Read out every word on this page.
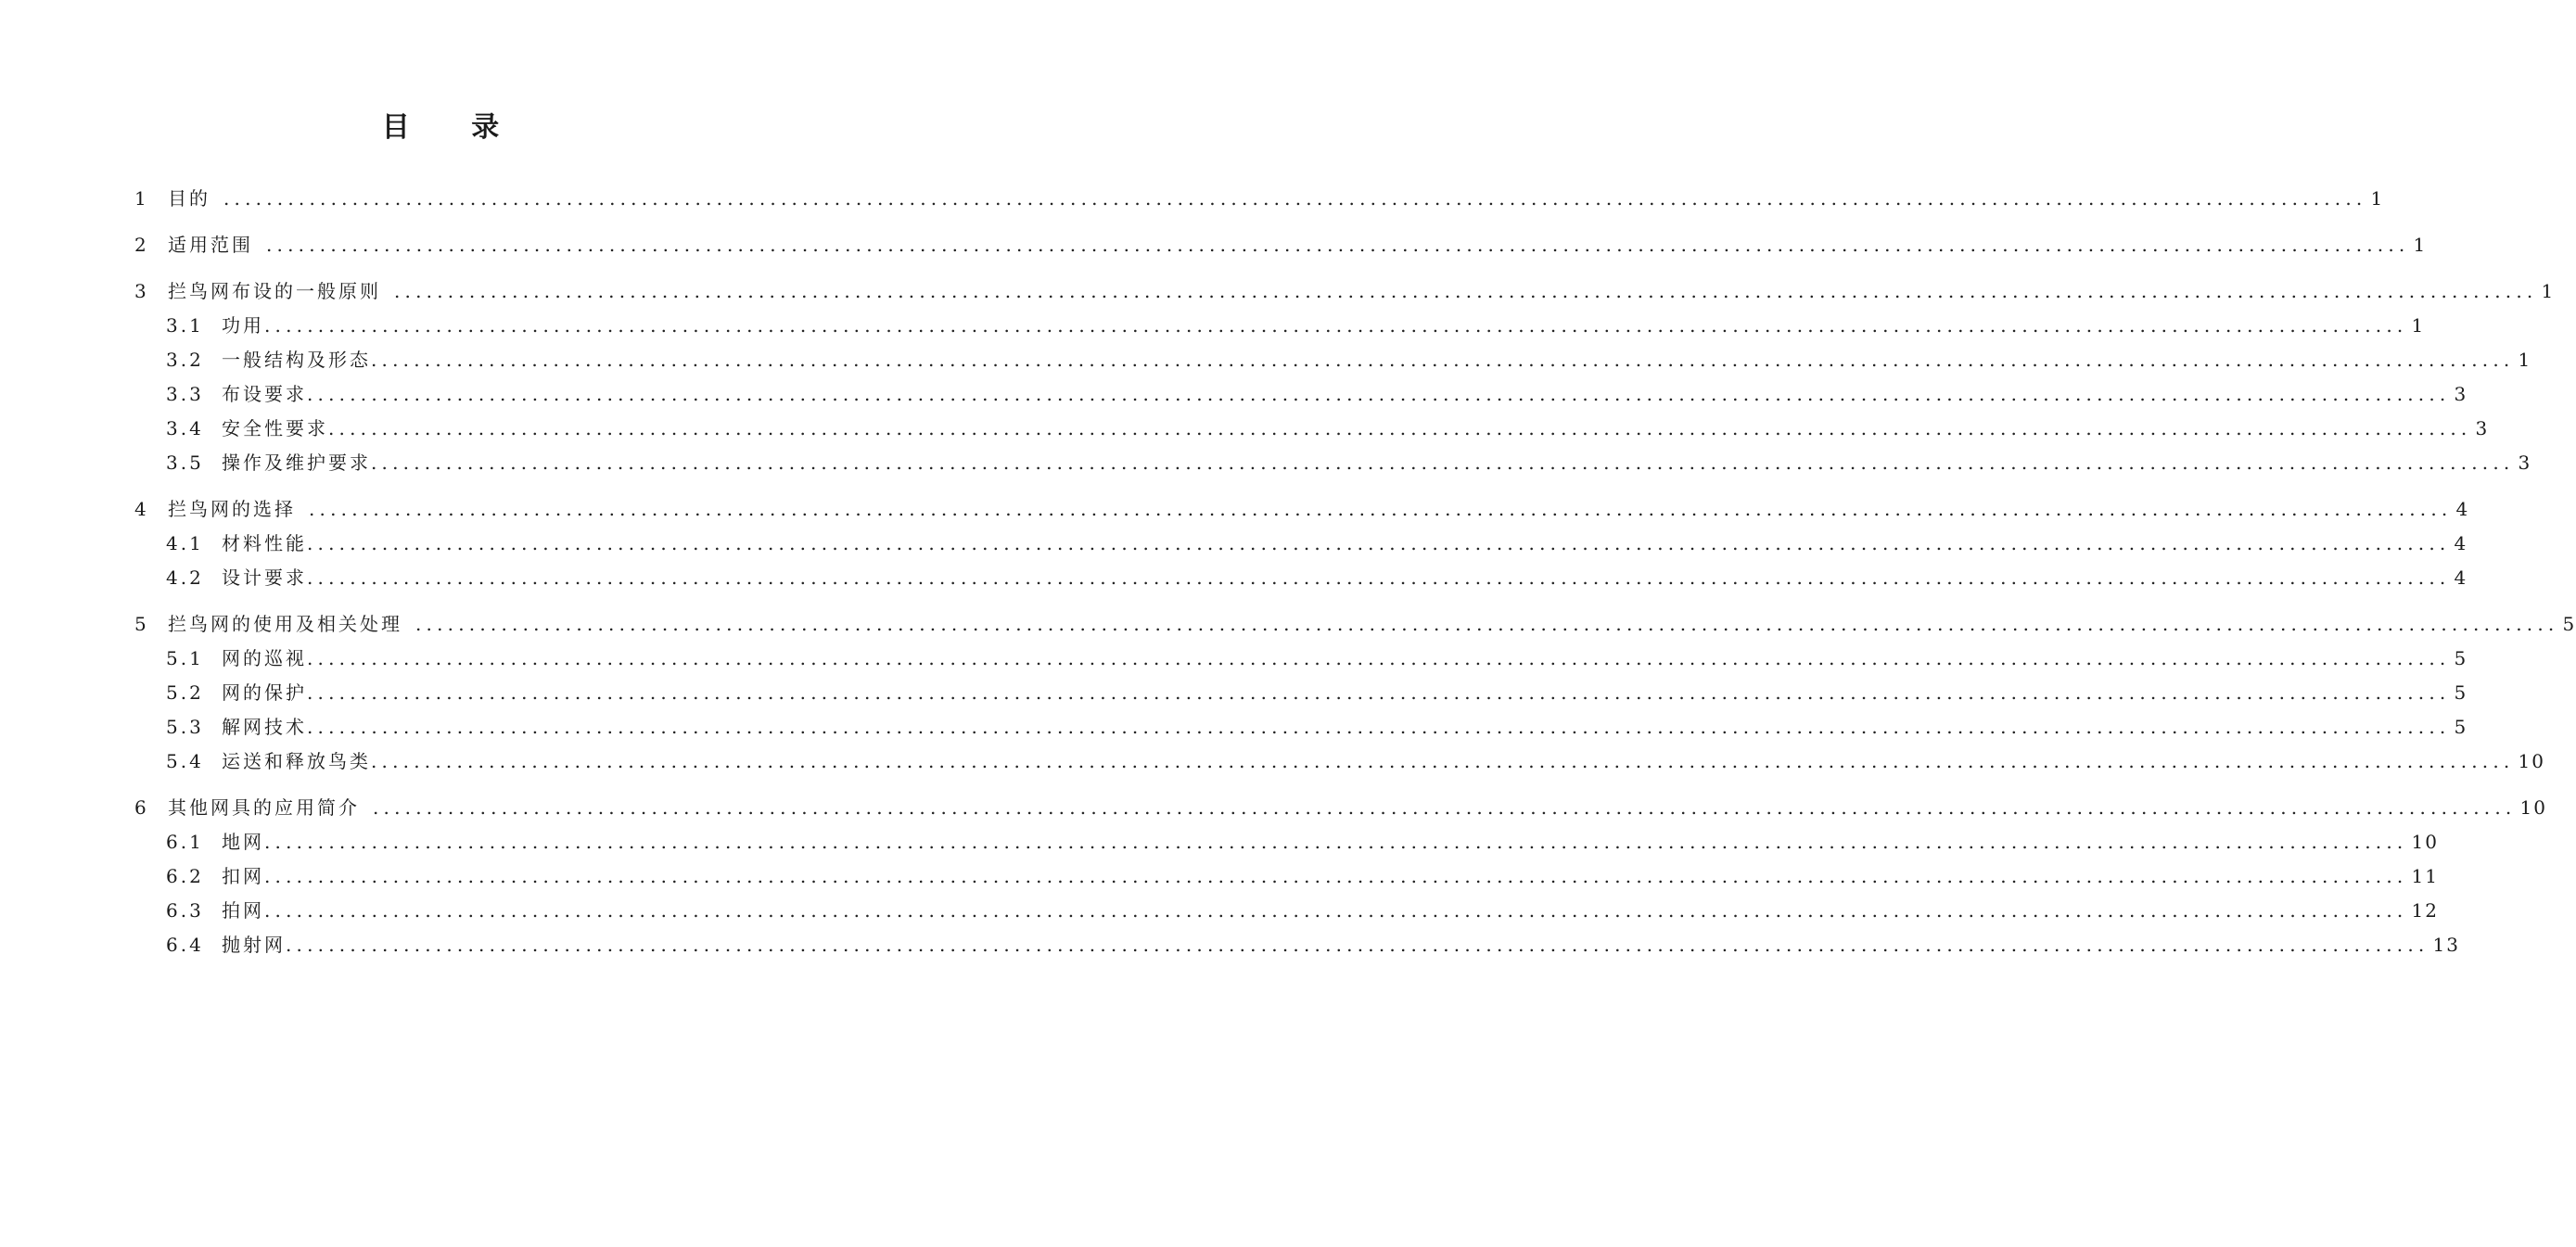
目 录
1	目的 ........................................................................................................................................................................................................ 1
2	适用范围 ........................................................................................................................................................................................................ 1
3	拦鸟网布设的一般原则 ........................................................................................................................................................................................................ 1
3.1 功用 ........................................................................................................................................................................................................ 1
3.2 一般结构及形态 ........................................................................................................................................................................................................ 1
3.3 布设要求 ........................................................................................................................................................................................................ 3
3.4 安全性要求 ........................................................................................................................................................................................................ 3
3.5 操作及维护要求 ........................................................................................................................................................................................................ 3
4	拦鸟网的选择 ........................................................................................................................................................................................................ 4
4.1 材料性能 ........................................................................................................................................................................................................ 4
4.2 设计要求 ........................................................................................................................................................................................................ 4
5	拦鸟网的使用及相关处理 ........................................................................................................................................................................................................ 5
5.1 网的巡视 ........................................................................................................................................................................................................ 5
5.2 网的保护 ........................................................................................................................................................................................................ 5
5.3 解网技术 ........................................................................................................................................................................................................ 5
5.4 运送和释放鸟类 ........................................................................................................................................................................................................ 10
6	其他网具的应用简介 ........................................................................................................................................................................................................ 10
6.1 地网 ........................................................................................................................................................................................................ 10
6.2 扣网 ........................................................................................................................................................................................................ 11
6.3 拍网 ........................................................................................................................................................................................................ 12
6.4 抛射网 ........................................................................................................................................................................................................ 13
